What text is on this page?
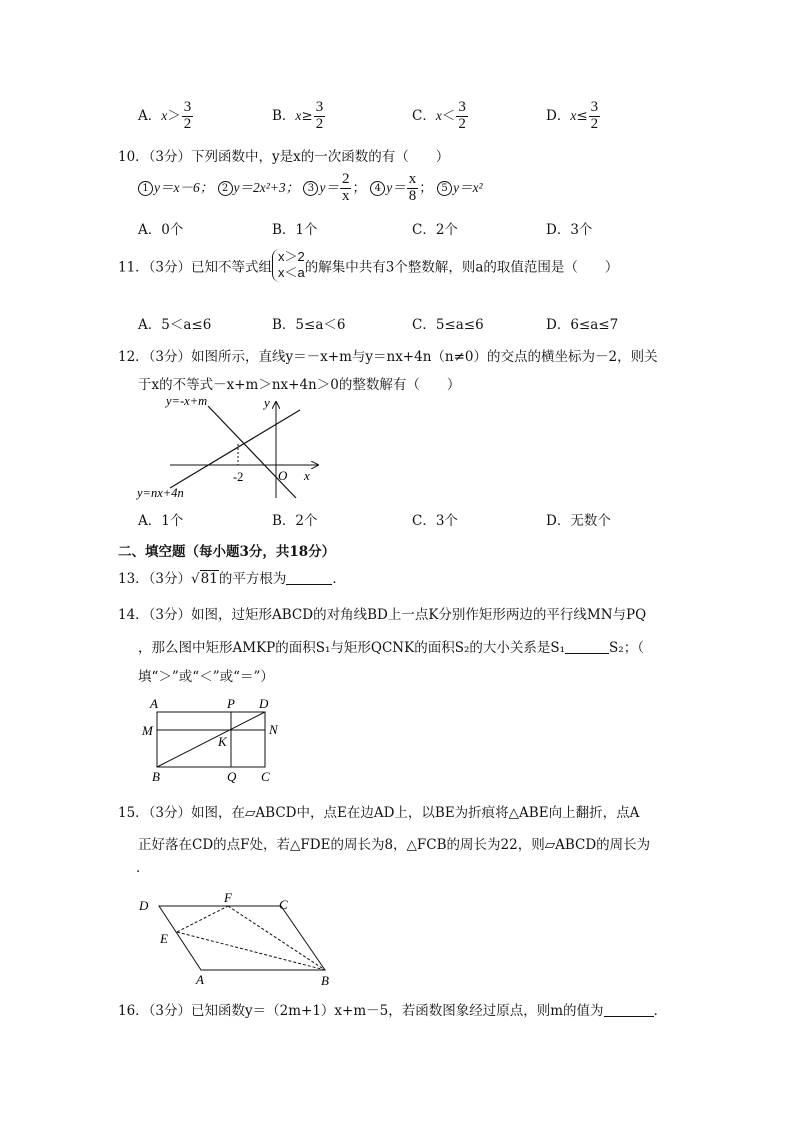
A．$x> \frac{3}{2}$	B．$x\ge \frac{3}{2}$	C．$x< \frac{3}{2}$	D．$x\le \frac{3}{2}$
10．（3分）下列函数中，y是x的一次函数的有（　　）
1 y＝x－6； 2 y＝2x²+3； 3 $y= \frac{2}{x}$ ； 4 $y= \frac{x}{8}$ ； 5 y＝x²
A．0个	B．1个	C．2个	D．3个
11．（3分）已知不等式组
x＞2
x＜a 的解集中共有3个整数解，则a的取值范围是（　　）
A．5＜a≤6	B．5≤a＜6	C．5≤a≤6	D．6≤a≤7
12．（3分）如图所示，直线y＝－x+m与y＝nx+4n（n≠0）的交点的横坐标为－2，则关
于x的不等式－x+m＞nx+4n＞0的整数解有（　　）
y=-x+m
y=nx+4n
y
x
O
-2
A．1个	B．2个	C．3个	D．无数个
二、填空题（每小题3分，共18分）
13．（3分）√81的平方根为	．
14．（3分）如图，过矩形ABCD的对角线BD上一点K分别作矩形两边的平行线MN与PQ
，那么图中矩形AMKP的面积S₁与矩形QCNK的面积S₂的大小关系是S₁	S₂；（
填“＞”或“＜”或“＝”）
A	P D
M	N
K
B	Q C
15．（3分）如图，在▱ABCD中，点E在边AD上，以BE为折痕将△ABE向上翻折，点A
正好落在CD的点F处，若△FDE的周长为8，△FCB的周长为22，则▱ABCD的周长为
．
D
F	C
E
A	B
16．（3分）已知函数y＝（2m+1）x+m－5，若函数图象经过原点，则m的值为	．
